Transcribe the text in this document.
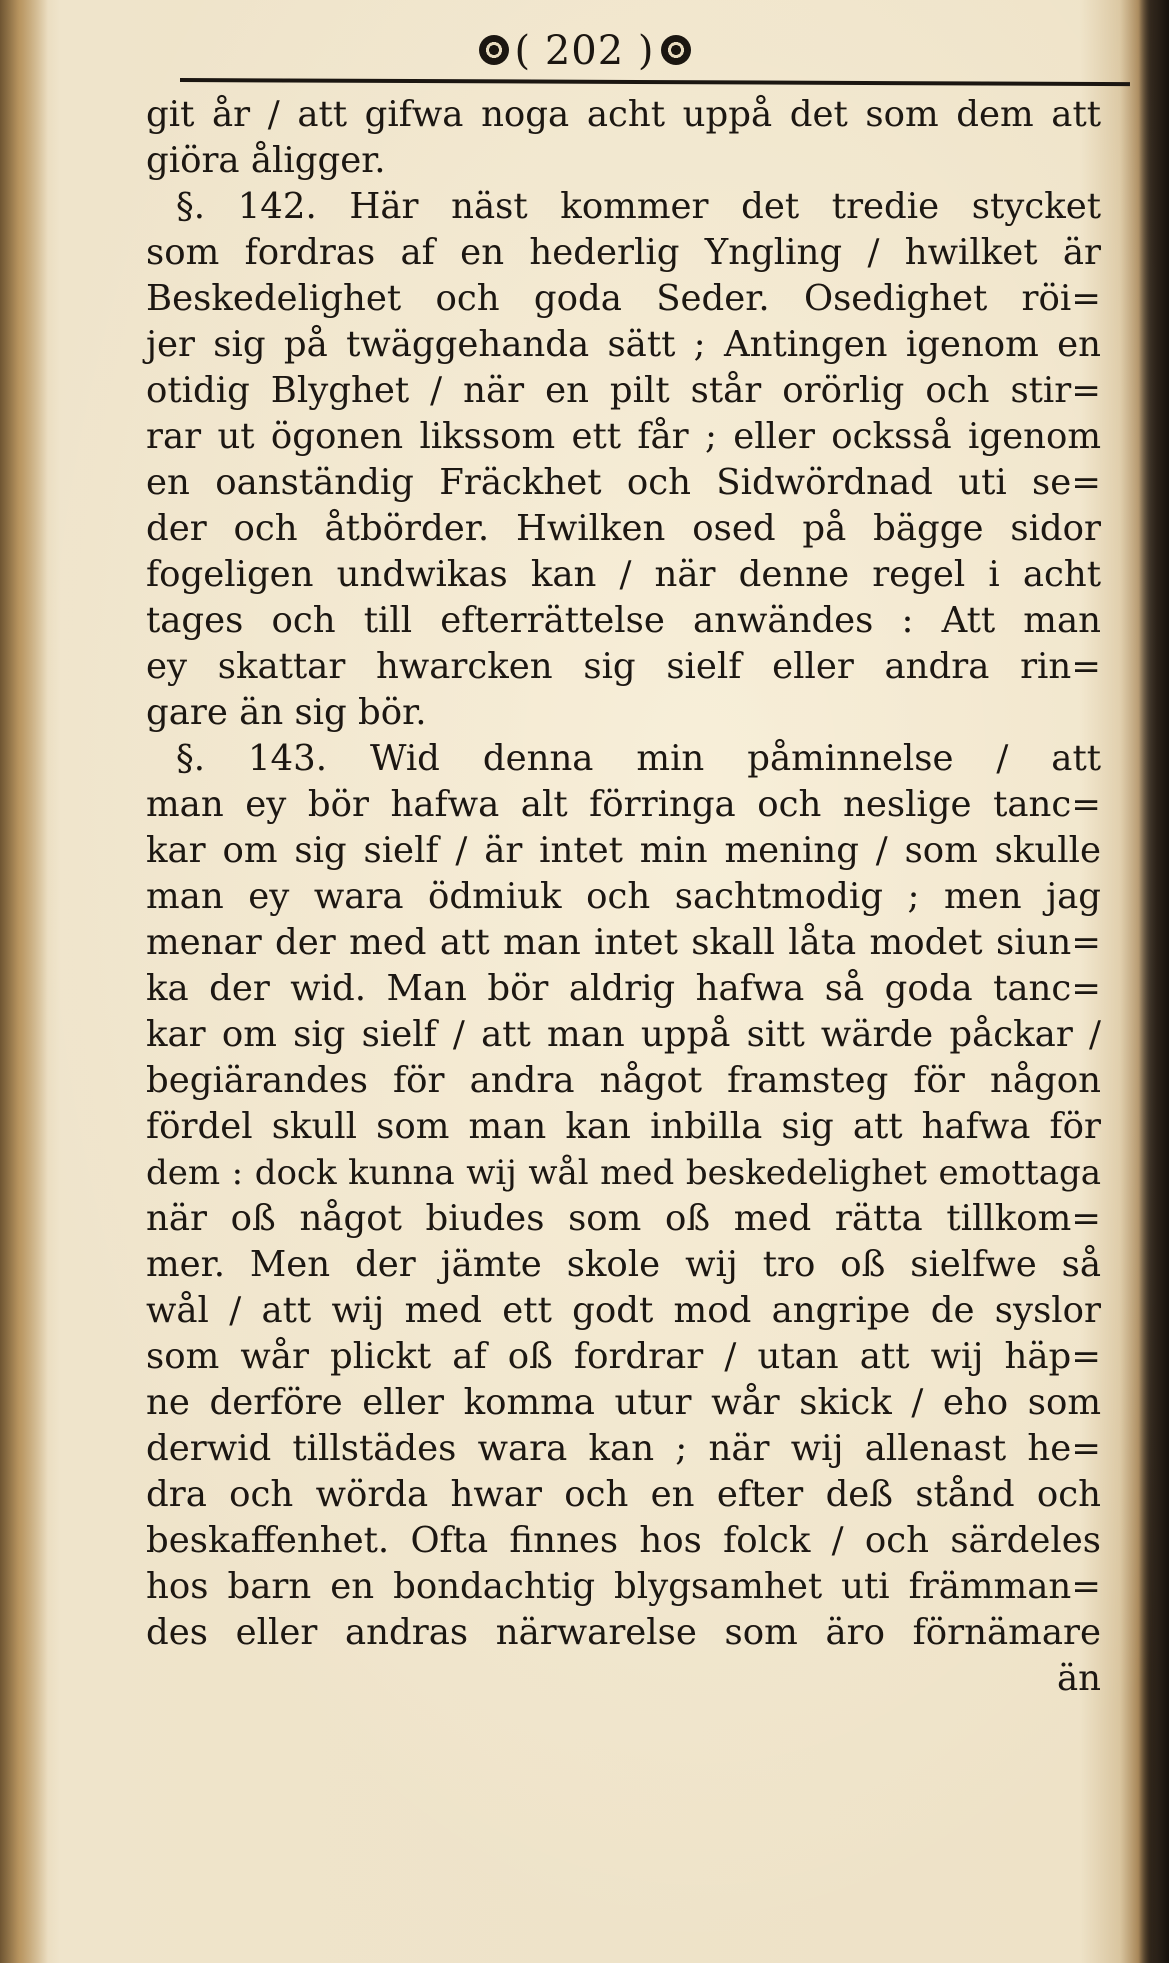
( 202 )
git år / att gifwa noga acht uppå det som dem att
giöra åligger.
§. 142. Här näst kommer det tredie stycket
som fordras af en hederlig Yngling / hwilket är
Beskedelighet och goda Seder. Osedighet röi=
jer sig på twäggehanda sätt ; Antingen igenom en
otidig Blyghet / när en pilt står orörlig och stir=
rar ut ögonen likssom ett får ; eller ocksså igenom
en oanständig Fräckhet och Sidwördnad uti se=
der och åtbörder. Hwilken osed på bägge sidor
fogeligen undwikas kan / när denne regel i acht
tages och till efterrättelse anwändes : Att man
ey skattar hwarcken sig sielf eller andra rin=
gare än sig bör.
§. 143. Wid denna min påminnelse / att
man ey bör hafwa alt förringa och neslige tanc=
kar om sig sielf / är intet min mening / som skulle
man ey wara ödmiuk och sachtmodig ; men jag
menar der med att man intet skall låta modet siun=
ka der wid. Man bör aldrig hafwa så goda tanc=
kar om sig sielf / att man uppå sitt wärde påckar /
begiärandes för andra något framsteg för någon
fördel skull som man kan inbilla sig att hafwa för
dem : dock kunna wij wål med beskedelighet emottaga
när oß något biudes som oß med rätta tillkom=
mer. Men der jämte skole wij tro oß sielfwe så
wål / att wij med ett godt mod angripe de syslor
som wår plickt af oß fordrar / utan att wij häp=
ne derföre eller komma utur wår skick / eho som
derwid tillstädes wara kan ; när wij allenast he=
dra och wörda hwar och en efter deß stånd och
beskaffenhet. Ofta finnes hos folck / och särdeles
hos barn en bondachtig blygsamhet uti främman=
des eller andras närwarelse som äro förnämare
än
